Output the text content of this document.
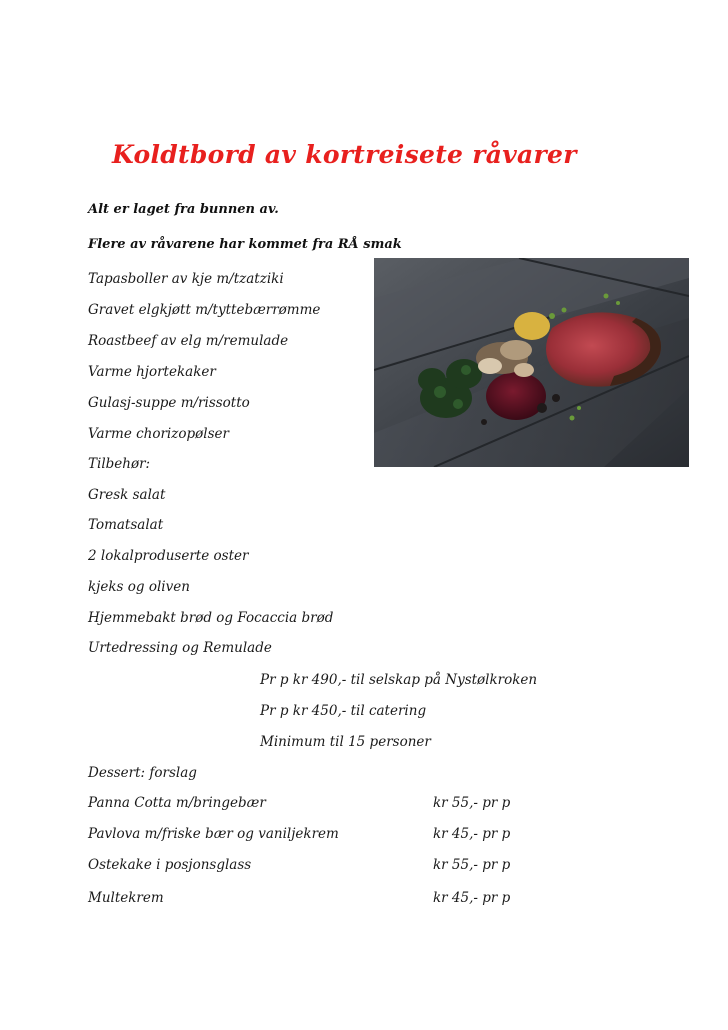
Koldtbord av kortreisete råvarer

Alt er laget fra bunnen av.

Flere av råvarene har kommet fra RÅ smak

Tapasboller av kje m/tzatziki

Gravet elgkjøtt m/tyttebærrømme

Roastbeef av elg m/remulade

Varme hjortekaker

Gulasj-suppe m/rissotto

Varme chorizopølser

Tilbehør:

Gresk salat

Tomatsalat

2 lokalproduserte oster

kjeks og oliven

Hjemmebakt brød og Focaccia brød

Urtedressing og Remulade

Pr p kr 490,- til selskap på Nystølkroken

Pr p kr 450,- til catering

Minimum til 15 personer

Dessert: forslag

Panna Cotta m/bringebær	kr 55,- pr p

Pavlova m/friske bær og vaniljekrem	kr 45,- pr p

Ostekake i posjonsglass	kr 55,- pr p

Multekrem	kr 45,- pr p
